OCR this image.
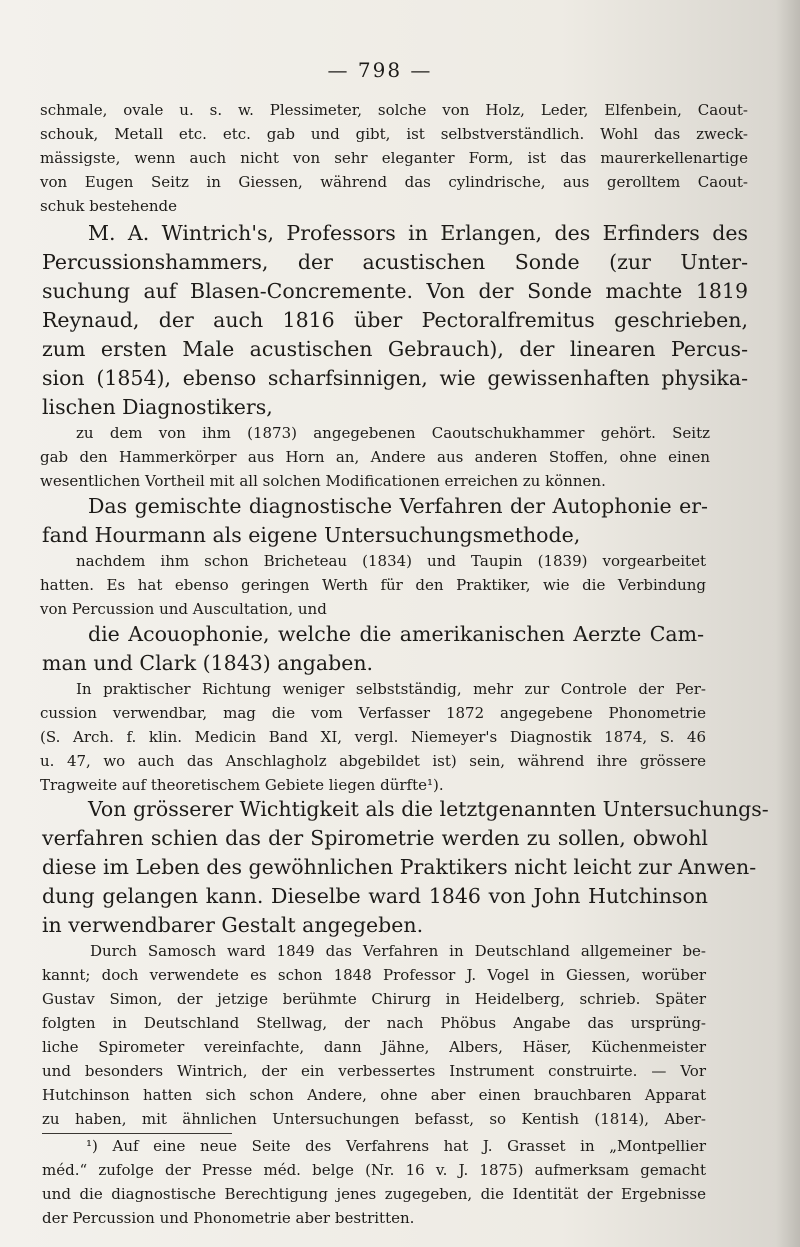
— 798 —
schmale, ovale u. s. w. Plessimeter, solche von Holz, Leder, Elfenbein, Caout-
schouk, Metall etc. etc. gab und gibt, ist selbstverständlich. Wohl das zweck-
mässigste, wenn auch nicht von sehr eleganter Form, ist das maurerkellenartige
von Eugen Seitz in Giessen, während das cylindrische, aus gerolltem Caout-
schuk bestehende
M. A. Wintrich's, Professors in Erlangen, des Erfinders des
Percussionshammers, der acustischen Sonde (zur Unter-
suchung auf Blasen-Concremente. Von der Sonde machte 1819
Reynaud, der auch 1816 über Pectoralfremitus geschrieben,
zum ersten Male acustischen Gebrauch), der linearen Percus-
sion (1854), ebenso scharfsinnigen, wie gewissenhaften physika-
lischen Diagnostikers,
zu dem von ihm (1873) angegebenen Caoutschukhammer gehört. Seitz
gab den Hammerkörper aus Horn an, Andere aus anderen Stoffen, ohne einen
wesentlichen Vortheil mit all solchen Modificationen erreichen zu können.
Das gemischte diagnostische Verfahren der Autophonie er-
fand Hourmann als eigene Untersuchungsmethode,
nachdem ihm schon Bricheteau (1834) und Taupin (1839) vorgearbeitet
hatten. Es hat ebenso geringen Werth für den Praktiker, wie die Verbindung
von Percussion und Auscultation, und
die Acouophonie, welche die amerikanischen Aerzte Cam-
man und Clark (1843) angaben.
In praktischer Richtung weniger selbstständig, mehr zur Controle der Per-
cussion verwendbar, mag die vom Verfasser 1872 angegebene Phonometrie
(S. Arch. f. klin. Medicin Band XI, vergl. Niemeyer's Diagnostik 1874, S. 46
u. 47, wo auch das Anschlagholz abgebildet ist) sein, während ihre grössere
Tragweite auf theoretischem Gebiete liegen dürfte¹).
Von grösserer Wichtigkeit als die letztgenannten Untersuchungs-
verfahren schien das der Spirometrie werden zu sollen, obwohl
diese im Leben des gewöhnlichen Praktikers nicht leicht zur Anwen-
dung gelangen kann. Dieselbe ward 1846 von John Hutchinson
in verwendbarer Gestalt angegeben.
Durch Samosch ward 1849 das Verfahren in Deutschland allgemeiner be-
kannt; doch verwendete es schon 1848 Professor J. Vogel in Giessen, worüber
Gustav Simon, der jetzige berühmte Chirurg in Heidelberg, schrieb. Später
folgten in Deutschland Stellwag, der nach Phöbus Angabe das ursprüng-
liche Spirometer vereinfachte, dann Jähne, Albers, Häser, Küchenmeister
und besonders Wintrich, der ein verbessertes Instrument construirte. — Vor
Hutchinson hatten sich schon Andere, ohne aber einen brauchbaren Apparat
zu haben, mit ähnlichen Untersuchungen befasst, so Kentish (1814), Aber-
¹) Auf eine neue Seite des Verfahrens hat J. Grasset in „Montpellier
méd.“ zufolge der Presse méd. belge (Nr. 16 v. J. 1875) aufmerksam gemacht
und die diagnostische Berechtigung jenes zugegeben, die Identität der Ergebnisse
der Percussion und Phonometrie aber bestritten.
